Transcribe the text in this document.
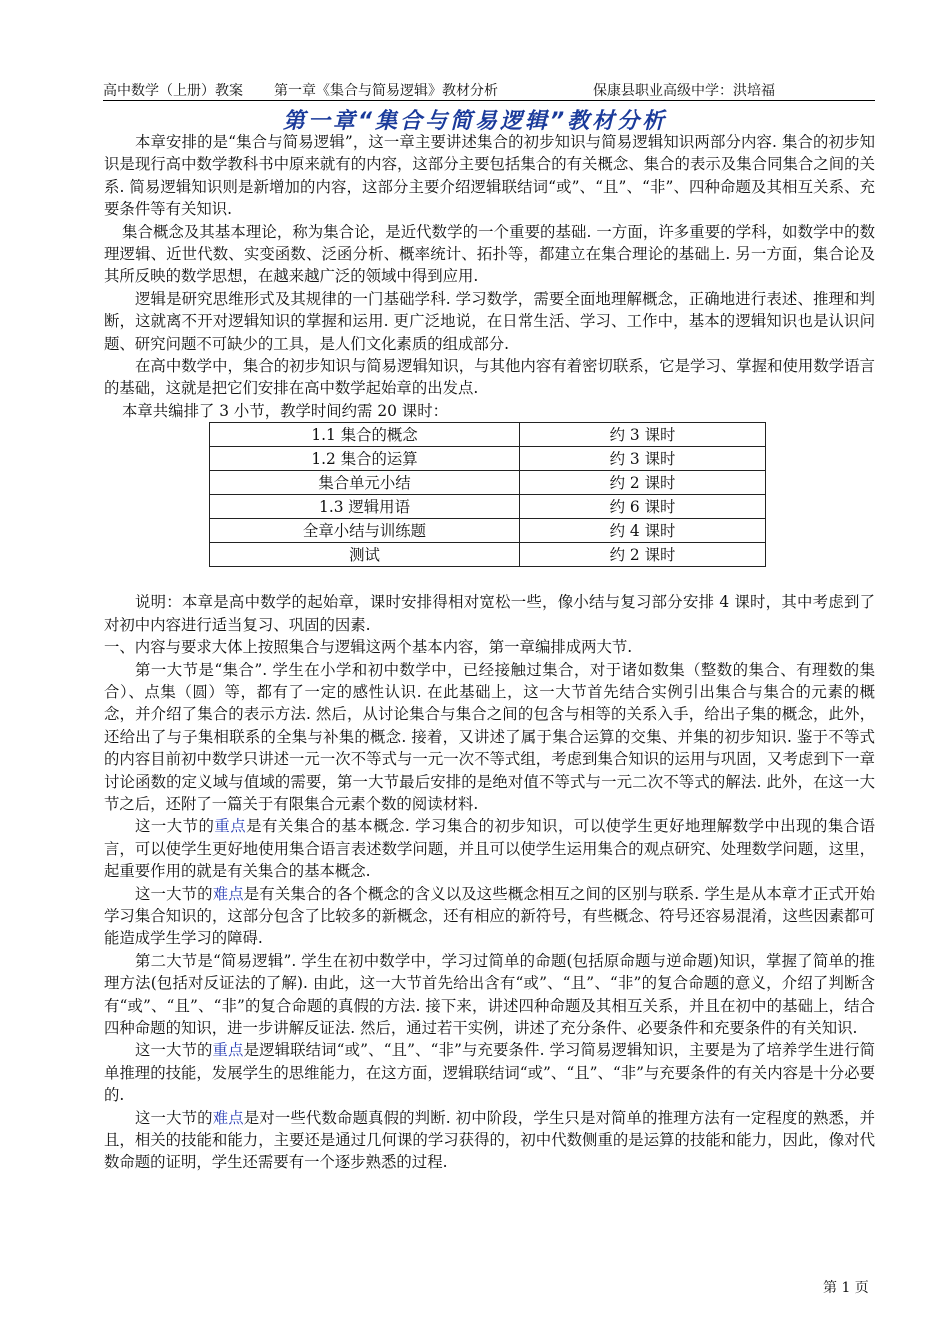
高中数学（上册）教案 第一章《集合与简易逻辑》教材分析	保康县职业高级中学：洪培福
第一章“集合与简易逻辑”教材分析

本章安排的是“集合与简易逻辑”，这一章主要讲述集合的初步知识与简易逻辑知识两部分内容. 集合的初步知识是现行高中数学教科书中原来就有的内容，这部分主要包括集合的有关概念、集合的表示及集合同集合之间的关系. 简易逻辑知识则是新增加的内容，这部分主要介绍逻辑联结词“或”、“且”、“非”、四种命题及其相互关系、充要条件等有关知识.

集合概念及其基本理论，称为集合论，是近代数学的一个重要的基础. 一方面，许多重要的学科，如数学中的数理逻辑、近世代数、实变函数、泛函分析、概率统计、拓扑等，都建立在集合理论的基础上. 另一方面，集合论及其所反映的数学思想，在越来越广泛的领域中得到应用.

逻辑是研究思维形式及其规律的一门基础学科. 学习数学，需要全面地理解概念，正确地进行表述、推理和判断，这就离不开对逻辑知识的掌握和运用. 更广泛地说，在日常生活、学习、工作中，基本的逻辑知识也是认识问题、研究问题不可缺少的工具，是人们文化素质的组成部分.

在高中数学中，集合的初步知识与简易逻辑知识，与其他内容有着密切联系，它是学习、掌握和使用数学语言的基础，这就是把它们安排在高中数学起始章的出发点.

本章共编排了 3 小节，教学时间约需 20 课时：

1.1 集合的概念	约 3 课时
1.2 集合的运算	约 3 课时
集合单元小结	约 2 课时
1.3 逻辑用语	约 6 课时
全章小结与训练题	约 4 课时
测试	约 2 课时

说明：本章是高中数学的起始章，课时安排得相对宽松一些，像小结与复习部分安排 4 课时，其中考虑到了对初中内容进行适当复习、巩固的因素.

一、内容与要求大体上按照集合与逻辑这两个基本内容，第一章编排成两大节.

第一大节是“集合”. 学生在小学和初中数学中，已经接触过集合，对于诸如数集（整数的集合、有理数的集合）、点集（圆）等，都有了一定的感性认识. 在此基础上，这一大节首先结合实例引出集合与集合的元素的概念，并介绍了集合的表示方法. 然后，从讨论集合与集合之间的包含与相等的关系入手，给出子集的概念，此外，还给出了与子集相联系的全集与补集的概念. 接着，又讲述了属于集合运算的交集、并集的初步知识. 鉴于不等式的内容目前初中数学只讲述一元一次不等式与一元一次不等式组，考虑到集合知识的运用与巩固，又考虑到下一章讨论函数的定义域与值域的需要，第一大节最后安排的是绝对值不等式与一元二次不等式的解法. 此外，在这一大节之后，还附了一篇关于有限集合元素个数的阅读材料.

这一大节的重点是有关集合的基本概念. 学习集合的初步知识，可以使学生更好地理解数学中出现的集合语言，可以使学生更好地使用集合语言表述数学问题，并且可以使学生运用集合的观点研究、处理数学问题，这里，起重要作用的就是有关集合的基本概念.

这一大节的难点是有关集合的各个概念的含义以及这些概念相互之间的区别与联系. 学生是从本章才正式开始学习集合知识的，这部分包含了比较多的新概念，还有相应的新符号，有些概念、符号还容易混淆，这些因素都可能造成学生学习的障碍.

第二大节是“简易逻辑”. 学生在初中数学中，学习过简单的命题(包括原命题与逆命题)知识，掌握了简单的推理方法(包括对反证法的了解). 由此，这一大节首先给出含有“或”、“且”、“非”的复合命题的意义，介绍了判断含有“或”、“且”、“非”的复合命题的真假的方法. 接下来，讲述四种命题及其相互关系，并且在初中的基础上，结合四种命题的知识，进一步讲解反证法. 然后，通过若干实例，讲述了充分条件、必要条件和充要条件的有关知识.

这一大节的重点是逻辑联结词“或”、“且”、“非”与充要条件. 学习简易逻辑知识，主要是为了培养学生进行简单推理的技能，发展学生的思维能力，在这方面，逻辑联结词“或”、“且”、“非”与充要条件的有关内容是十分必要的.

这一大节的难点是对一些代数命题真假的判断. 初中阶段，学生只是对简单的推理方法有一定程度的熟悉，并且，相关的技能和能力，主要还是通过几何课的学习获得的，初中代数侧重的是运算的技能和能力，因此，像对代数命题的证明，学生还需要有一个逐步熟悉的过程.

第 1 页
